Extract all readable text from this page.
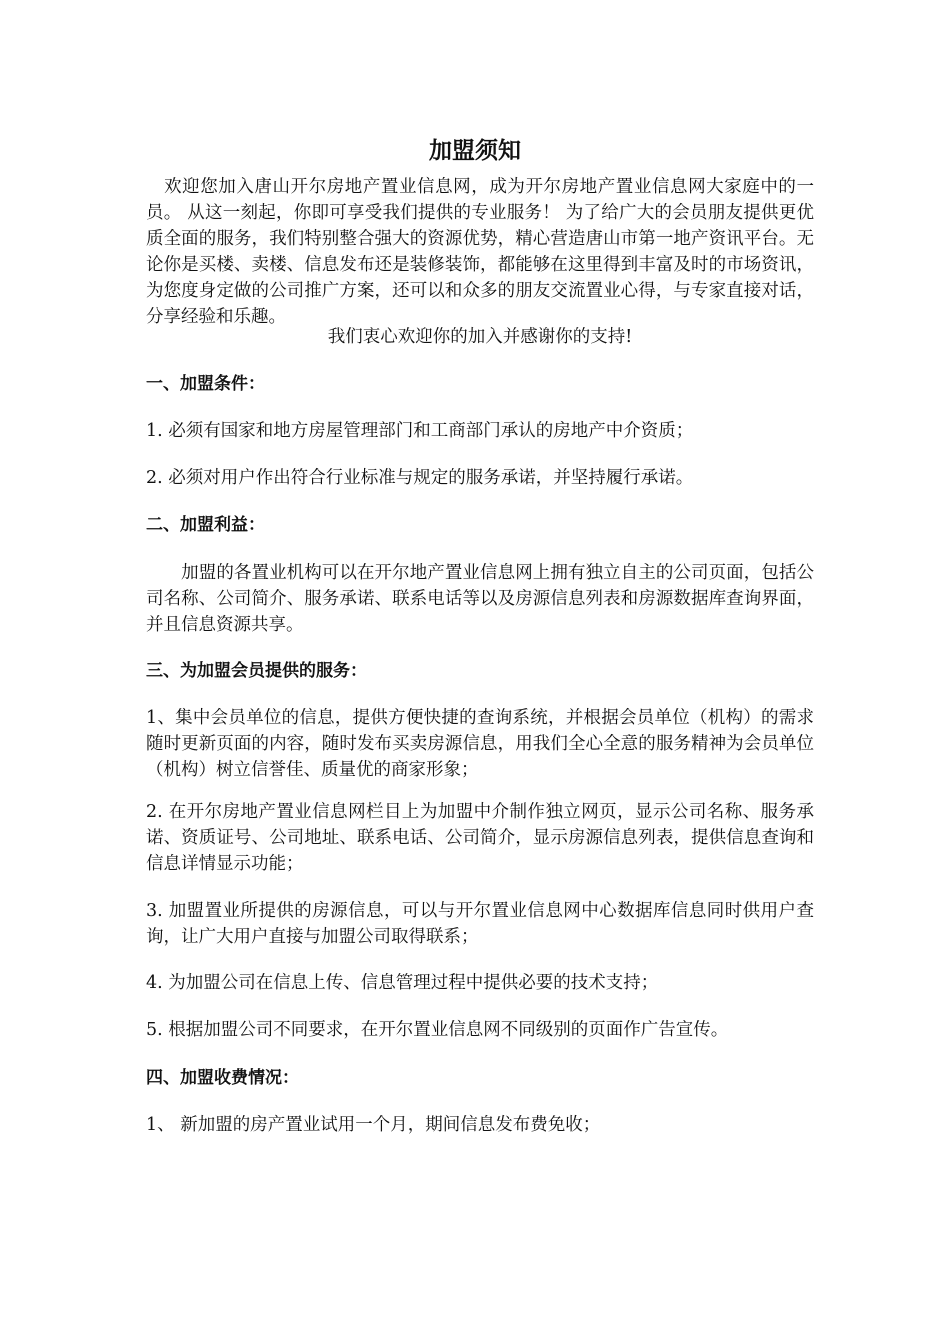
加盟须知
　欢迎您加入唐山开尔房地产置业信息网，成为开尔房地产置业信息网大家庭中的一员。 从这一刻起，你即可享受我们提供的专业服务！ 为了给广大的会员朋友提供更优质全面的服务，我们特别整合强大的资源优势，精心营造唐山市第一地产资讯平台。无论你是买楼、卖楼、信息发布还是装修装饰，都能够在这里得到丰富及时的市场资讯，为您度身定做的公司推广方案，还可以和众多的朋友交流置业心得，与专家直接对话，分享经验和乐趣。
我们衷心欢迎你的加入并感谢你的支持!
一、加盟条件：
1. 必须有国家和地方房屋管理部门和工商部门承认的房地产中介资质；
2. 必须对用户作出符合行业标准与规定的服务承诺，并坚持履行承诺。
二、加盟利益：
　　加盟的各置业机构可以在开尔地产置业信息网上拥有独立自主的公司页面，包括公司名称、公司简介、服务承诺、联系电话等以及房源信息列表和房源数据库查询界面，并且信息资源共享。
三、为加盟会员提供的服务：
1、集中会员单位的信息，提供方便快捷的查询系统，并根据会员单位（机构）的需求随时更新页面的内容，随时发布买卖房源信息，用我们全心全意的服务精神为会员单位（机构）树立信誉佳、质量优的商家形象；
2. 在开尔房地产置业信息网栏目上为加盟中介制作独立网页，显示公司名称、服务承诺、资质证号、公司地址、联系电话、公司简介，显示房源信息列表，提供信息查询和信息详情显示功能；
3. 加盟置业所提供的房源信息，可以与开尔置业信息网中心数据库信息同时供用户查询，让广大用户直接与加盟公司取得联系；
4. 为加盟公司在信息上传、信息管理过程中提供必要的技术支持；
5. 根据加盟公司不同要求，在开尔置业信息网不同级别的页面作广告宣传。
四、加盟收费情况：
1、 新加盟的房产置业试用一个月，期间信息发布费免收；
